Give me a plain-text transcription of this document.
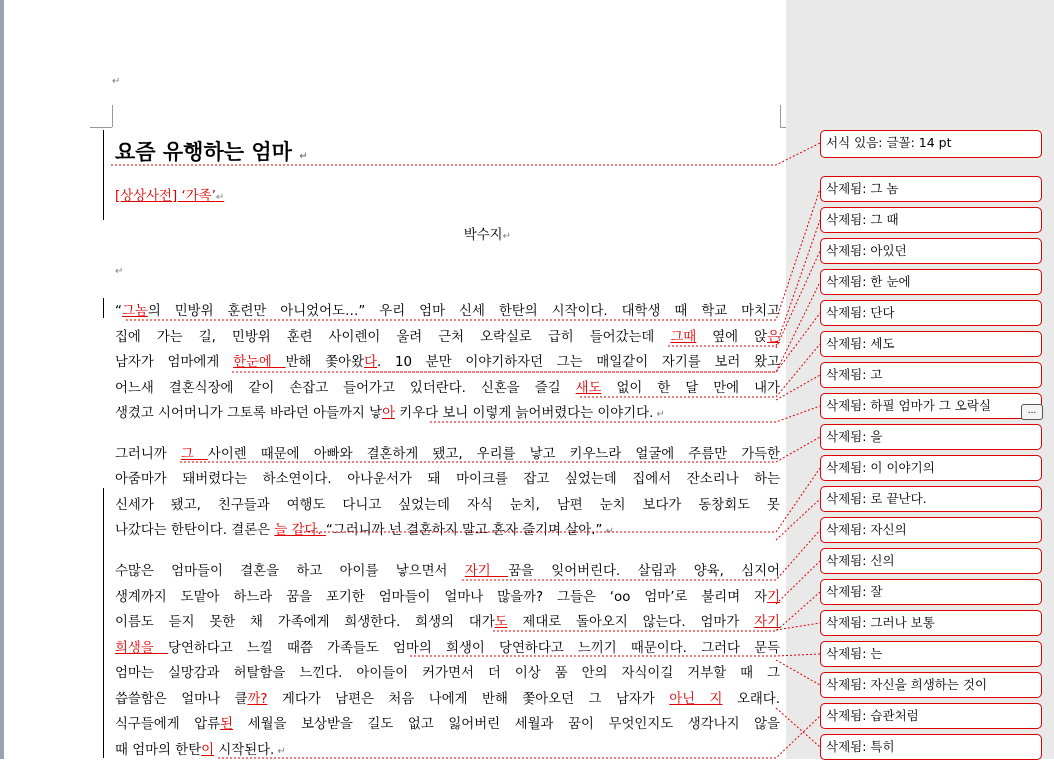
↵
요즘 유행하는 엄마 ↵
[상상사전] ‘가족’↵
박수지↵
↵
“그놈의 민방위 훈련만 아니었어도…” 우리 엄마 신세 한탄의 시작이다. 대학생 때 학교 마치고
집에 가는 길, 민방위 훈련 사이렌이 울려 근처 오락실로 급히 들어갔는데 그때 옆에 앉은
남자가 엄마에게 한눈에 반해 쫓아왔다. 10 분만 이야기하자던 그는 매일같이 자기를 보러 왔고
어느새 결혼식장에 같이 손잡고 들어가고 있더란다. 신혼을 즐길 새도 없이 한 달 만에 내가
생겼고 시어머니가 그토록 바라던 아들까지 낳아 키우다 보니 이렇게 늙어버렸다는 이야기다. ↵
그러니까 그 사이렌 때문에 아빠와 결혼하게 됐고, 우리를 낳고 키우느라 얼굴에 주름만 가득한
아줌마가 돼버렸다는 하소연이다. 아나운서가 돼 마이크를 잡고 싶었는데 집에서 잔소리나 하는
신세가 됐고, 친구들과 여행도 다니고 싶었는데 자식 눈치, 남편 눈치 보다가 동창회도 못
나갔다는 한탄이다. 결론은 늘 같다. “그러니까 넌 결혼하지 말고 혼자 즐기며 살아.” ↵
수많은 엄마들이 결혼을 하고 아이를 낳으면서 자기 꿈을 잊어버린다. 살림과 양육, 심지어
생계까지 도맡아 하느라 꿈을 포기한 엄마들이 얼마나 많을까? 그들은 ‘oo 엄마’로 불리며 자기
이름도 듣지 못한 채 가족에게 희생한다. 희생의 대가도 제대로 돌아오지 않는다. 엄마가 자기
희생을 당연하다고 느낄 때쯤 가족들도 엄마의 희생이 당연하다고 느끼기 때문이다. 그러다 문득
엄마는 실망감과 허탈함을 느낀다. 아이들이 커가면서 더 이상 품 안의 자식이길 거부할 때 그
씁쓸함은 얼마나 클까? 게다가 남편은 처음 나에게 반해 쫓아오던 그 남자가 아닌 지 오래다.
식구들에게 압류된 세월을 보상받을 길도 없고 잃어버린 세월과 꿈이 무엇인지도 생각나지 않을
때 엄마의 한탄이 시작된다. ↵
서식 있음: 글꼴: 14 pt
삭제됨: 그 놈
삭제됨: 그 때
삭제됨: 아있던
삭제됨: 한 눈에
삭제됨: 단다
삭제됨: 세도
삭제됨: 고
삭제됨: 하필 엄마가 그 오락실
삭제됨: 을
삭제됨: 이 이야기의
삭제됨: 로 끝난다.
삭제됨: 자신의
삭제됨: 신의
삭제됨: 잘
삭제됨: 그러나 보통
삭제됨: 는
삭제됨: 자신을 희생하는 것이
삭제됨: 습관처럼
삭제됨: 특히
...
